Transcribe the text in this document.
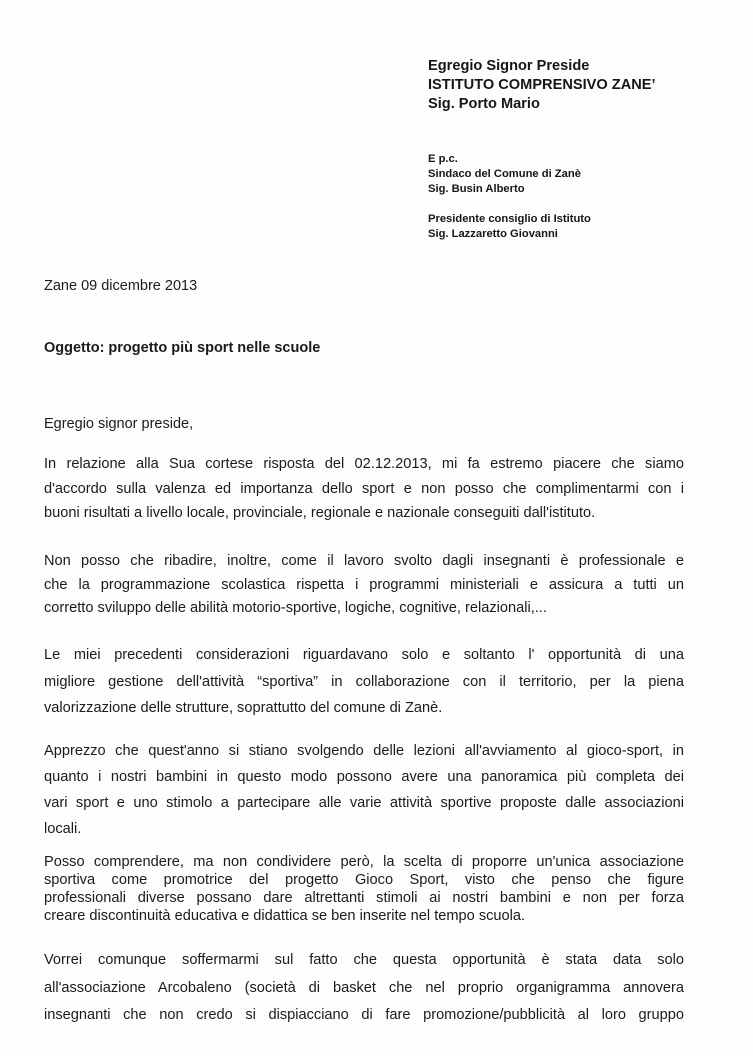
Egregio Signor Preside
ISTITUTO COMPRENSIVO ZANE’
Sig. Porto Mario
E p.c.
Sindaco del Comune di Zanè
Sig. Busin Alberto
Presidente consiglio di Istituto
Sig. Lazzaretto Giovanni
Zane 09 dicembre 2013
Oggetto: progetto più sport nelle scuole
Egregio signor preside,
In relazione alla Sua cortese risposta del 02.12.2013, mi fa estremo piacere che siamo
d'accordo sulla valenza ed importanza dello sport e non posso che complimentarmi con i
buoni risultati a livello locale, provinciale, regionale e nazionale conseguiti dall'istituto.
Non posso che ribadire, inoltre, come il lavoro svolto dagli insegnanti è professionale e
che la programmazione scolastica rispetta i programmi ministeriali e assicura a tutti un
corretto sviluppo delle abilità motorio-sportive, logiche, cognitive, relazionali,...
Le miei precedenti considerazioni riguardavano solo e soltanto l' opportunità di una
migliore gestione dell'attività “sportiva” in collaborazione con il territorio, per la piena
valorizzazione delle strutture, soprattutto del comune di Zanè.
Apprezzo che quest'anno si stiano svolgendo delle lezioni all'avviamento al gioco-sport, in
quanto i nostri bambini in questo modo possono avere una panoramica più completa dei
vari sport e uno stimolo a partecipare alle varie attività sportive proposte dalle associazioni
locali.
Posso comprendere, ma non condividere però, la scelta di proporre un'unica associazione
sportiva come promotrice del progetto Gioco Sport, visto che penso che figure
professionali diverse possano dare altrettanti stimoli ai nostri bambini e non per forza
creare discontinuità educativa e didattica se ben inserite nel tempo scuola.
Vorrei comunque soffermarmi sul fatto che questa opportunità è stata data solo
all'associazione Arcobaleno (società di basket che nel proprio organigramma annovera
insegnanti che non credo si dispiacciano di fare promozione/pubblicità al loro gruppo
